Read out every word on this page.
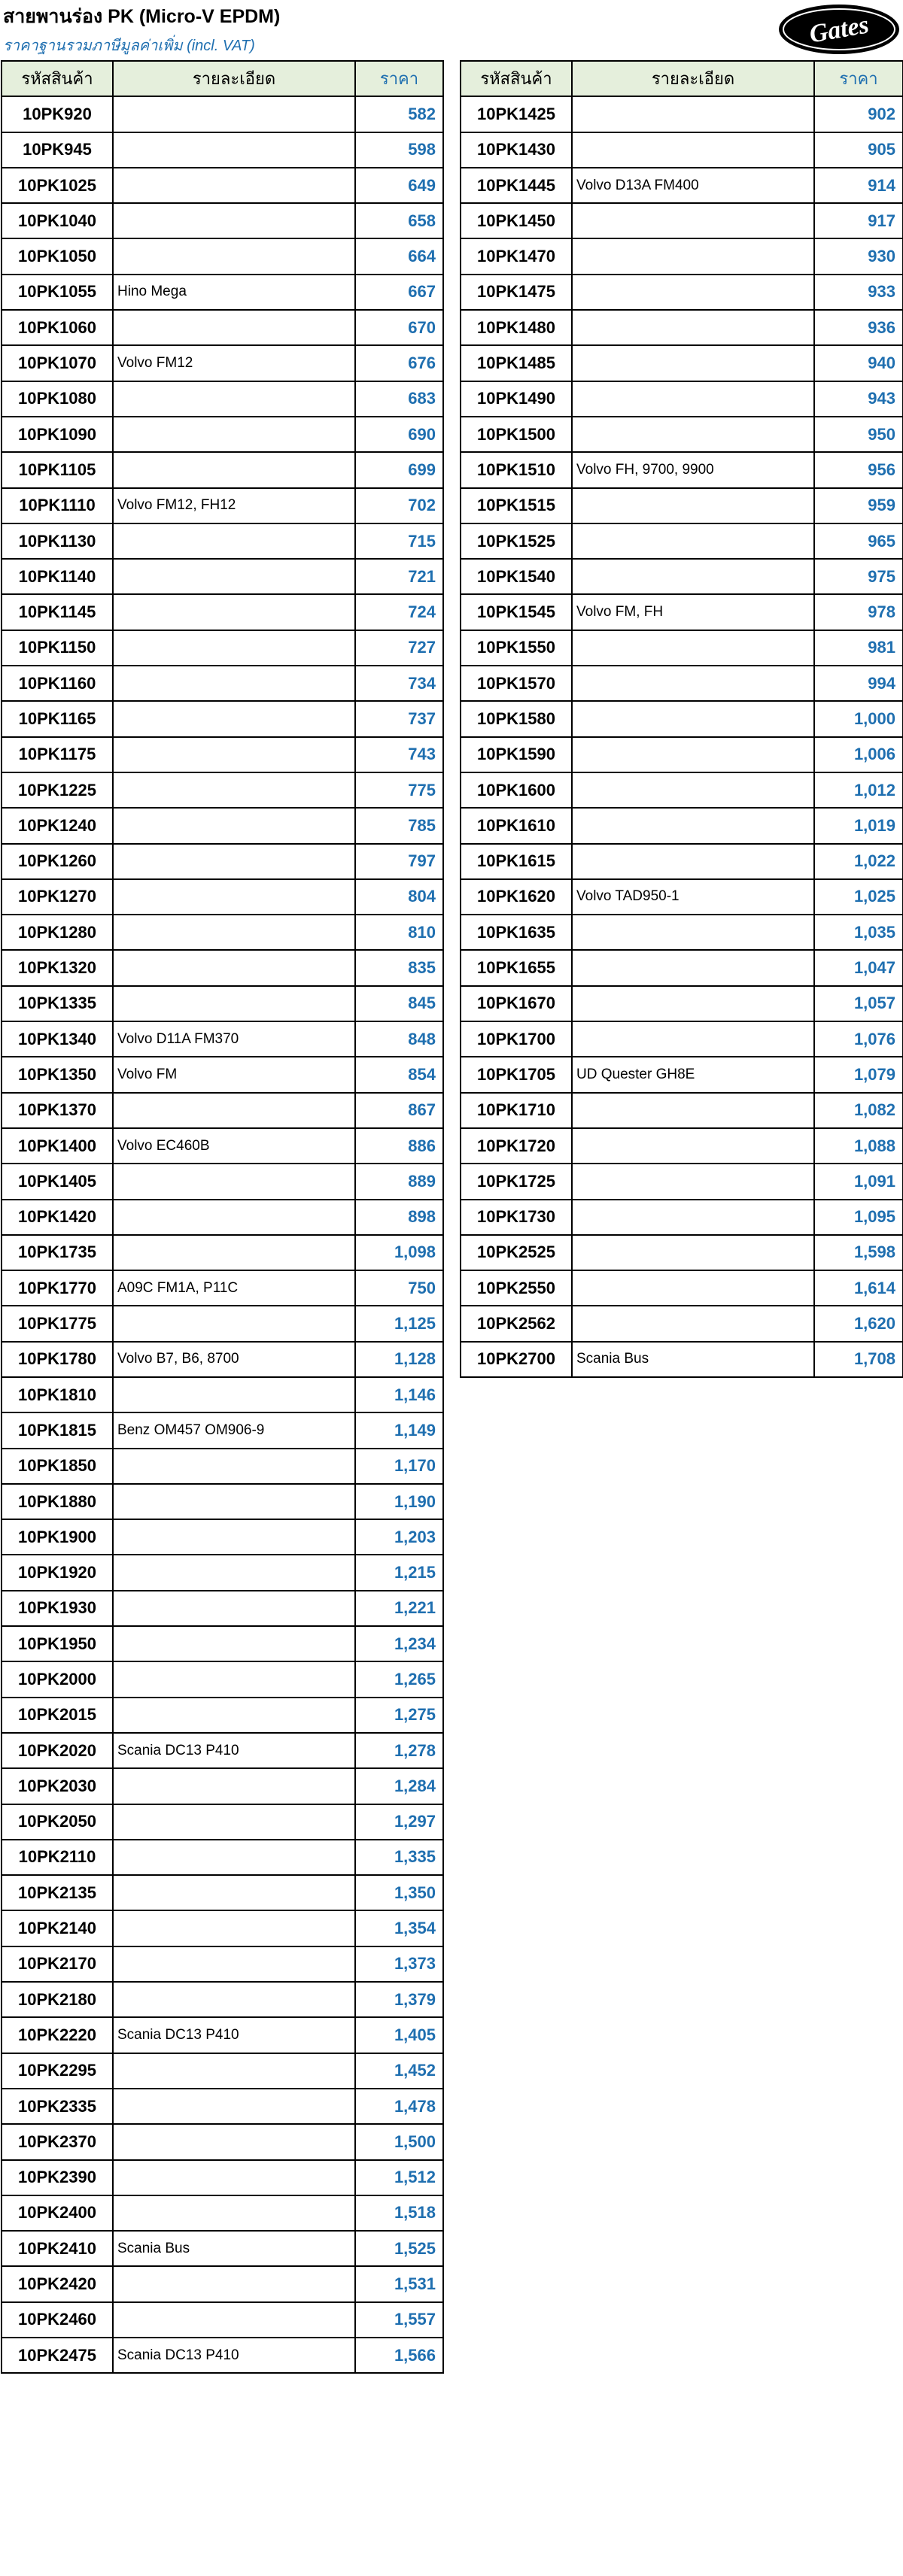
สายพานร่อง PK (Micro-V EPDM)
ราคาฐานรวมภาษีมูลค่าเพิ่ม (incl. VAT)	Gates
รหัสสินค้า	รายละเอียด	ราคา
10PK920		582
10PK945		598
10PK1025		649
10PK1040		658
10PK1050		664
10PK1055	Hino Mega	667
10PK1060		670
10PK1070	Volvo FM12	676
10PK1080		683
10PK1090		690
10PK1105		699
10PK1110	Volvo FM12, FH12	702
10PK1130		715
10PK1140		721
10PK1145		724
10PK1150		727
10PK1160		734
10PK1165		737
10PK1175		743
10PK1225		775
10PK1240		785
10PK1260		797
10PK1270		804
10PK1280		810
10PK1320		835
10PK1335		845
10PK1340	Volvo D11A FM370	848
10PK1350	Volvo FM	854
10PK1370		867
10PK1400	Volvo EC460B	886
10PK1405		889
10PK1420		898
10PK1735		1,098
10PK1770	A09C FM1A, P11C	750
10PK1775		1,125
10PK1780	Volvo B7, B6, 8700	1,128
10PK1810		1,146
10PK1815	Benz OM457 OM906-9	1,149
10PK1850		1,170
10PK1880		1,190
10PK1900		1,203
10PK1920		1,215
10PK1930		1,221
10PK1950		1,234
10PK2000		1,265
10PK2015		1,275
10PK2020	Scania DC13 P410	1,278
10PK2030		1,284
10PK2050		1,297
10PK2110		1,335
10PK2135		1,350
10PK2140		1,354
10PK2170		1,373
10PK2180		1,379
10PK2220	Scania DC13 P410	1,405
10PK2295		1,452
10PK2335		1,478
10PK2370		1,500
10PK2390		1,512
10PK2400		1,518
10PK2410	Scania Bus	1,525
10PK2420		1,531
10PK2460		1,557
10PK2475	Scania DC13 P410	1,566
รหัสสินค้า	รายละเอียด	ราคา
10PK1425		902
10PK1430		905
10PK1445	Volvo D13A FM400	914
10PK1450		917
10PK1470		930
10PK1475		933
10PK1480		936
10PK1485		940
10PK1490		943
10PK1500		950
10PK1510	Volvo FH, 9700, 9900	956
10PK1515		959
10PK1525		965
10PK1540		975
10PK1545	Volvo FM, FH	978
10PK1550		981
10PK1570		994
10PK1580		1,000
10PK1590		1,006
10PK1600		1,012
10PK1610		1,019
10PK1615		1,022
10PK1620	Volvo TAD950-1	1,025
10PK1635		1,035
10PK1655		1,047
10PK1670		1,057
10PK1700		1,076
10PK1705	UD Quester GH8E	1,079
10PK1710		1,082
10PK1720		1,088
10PK1725		1,091
10PK1730		1,095
10PK2525		1,598
10PK2550		1,614
10PK2562		1,620
10PK2700	Scania Bus	1,708
